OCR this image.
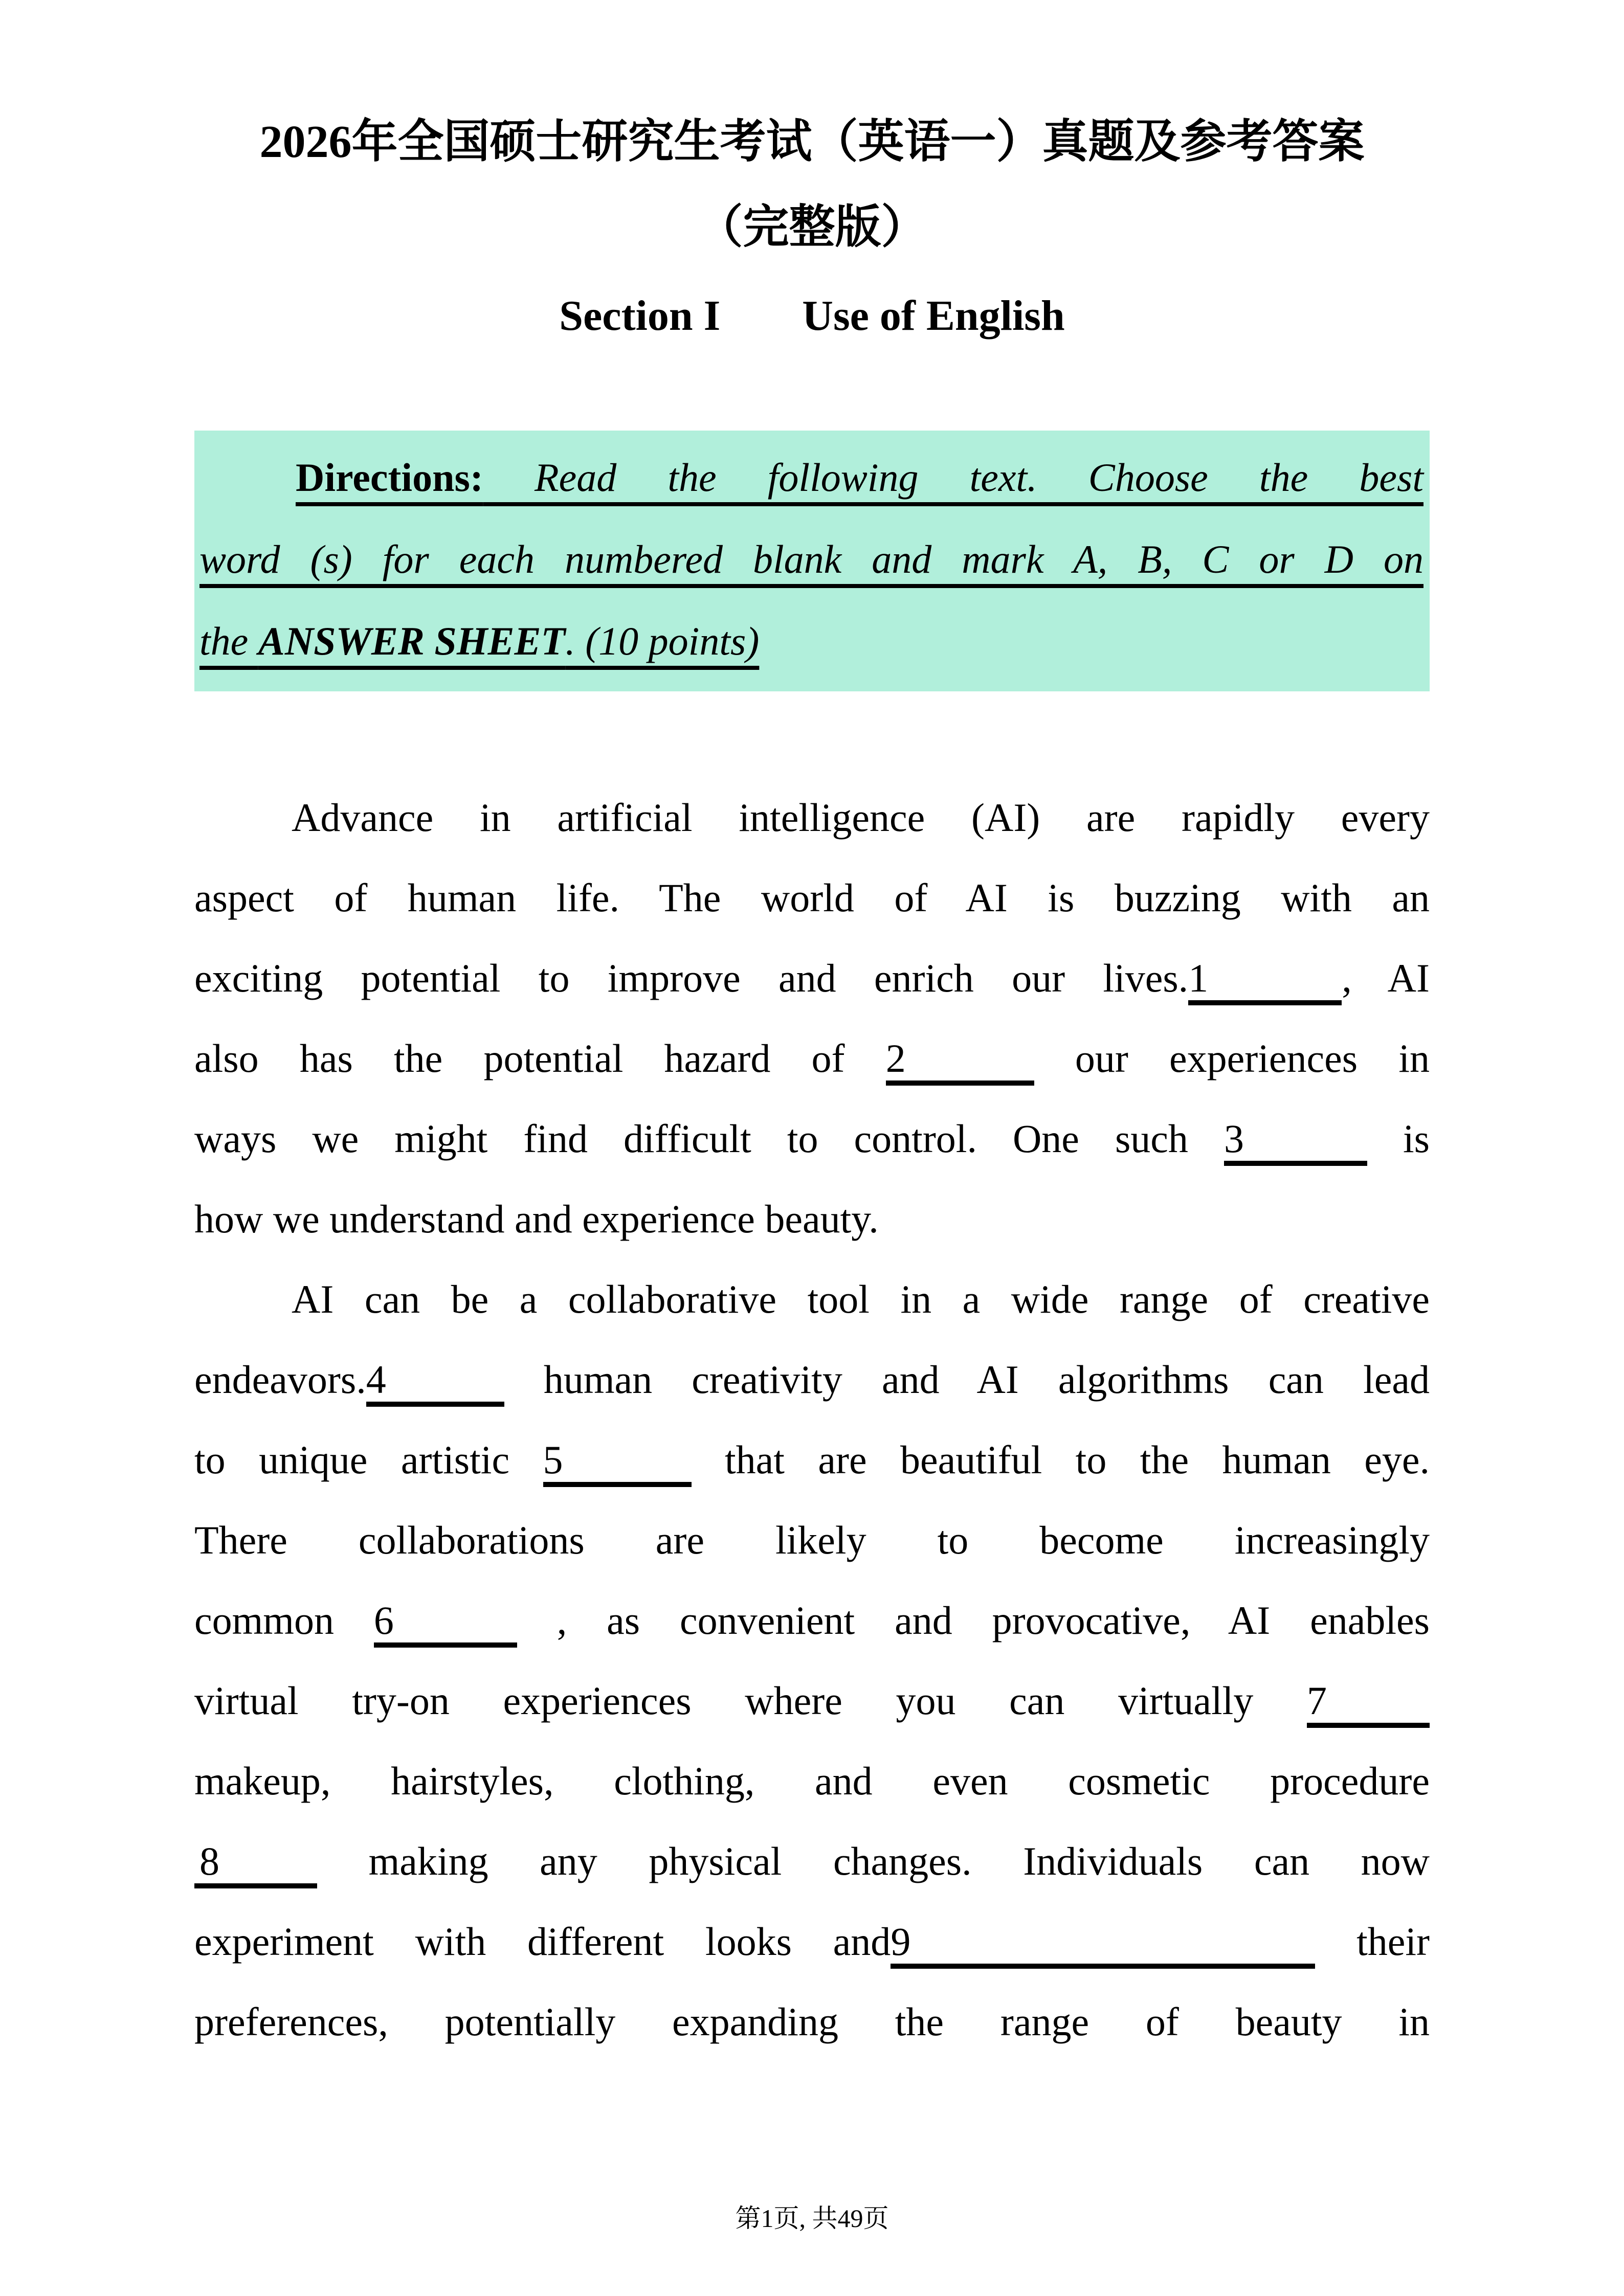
2026年全国硕士研究生考试（英语一）真题及参考答案
（完整版）
Section I Use of English
Directions: Read the following text. Choose the best
word (s) for each numbered blank and mark A, B, C or D on
the ANSWER SHEET. (10 points)
Advance in artificial intelligence (AI) are rapidly every
aspect of human life. The world of AI is buzzing with an
exciting potential to improve and enrich our lives.1	, AI
also has the potential hazard of 2	our experiences in
ways we might find difficult to control. One such 3	is
how we understand and experience beauty.
AI can be a collaborative tool in a wide range of creative
endeavors.4	human creativity and AI algorithms can lead
to unique artistic 5	that are beautiful to the human eye.
There collaborations are likely to become increasingly
common 6	, as convenient and provocative, AI enables
virtual try-on experiences where you can virtually 7
makeup, hairstyles, clothing, and even cosmetic procedure
8 making any physical changes. Individuals can now
experiment with different looks and9	their
preferences, potentially expanding the range of beauty in
第1页, 共49页
